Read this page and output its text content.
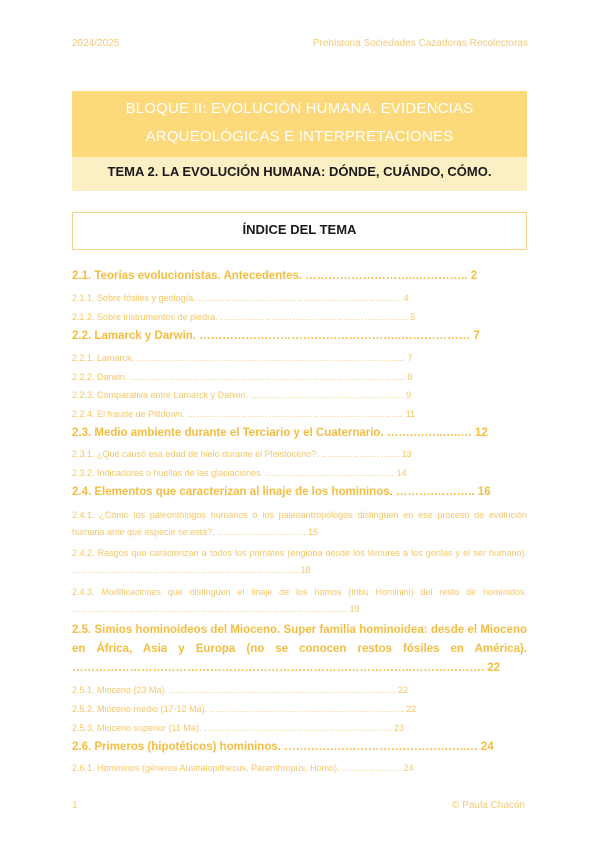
2024/2025	Prehistoria Sociedades Cazadoras Recolectoras
BLOQUE II: EVOLUCIÓN HUMANA. EVIDENCIAS
ARQUEOLÓGICAS E INTERPRETACIONES
TEMA 2. LA EVOLUCIÓN HUMANA: DÓNDE, CUÁNDO, CÓMO.
ÍNDICE DEL TEMA
2.1. Teorías evolucionistas. Antecedentes. ………………………..………….. 2
2.1.1. Sobre fósiles y geología. ………………………………………………………….. 4
2.1.2. Sobre instrumentos de piedra. ………………………………………………….….. 5
2.2. Lamarck y Darwin. ……………………………………………..……………… 7
2.2.1. Lamarck. ……………………………………………………………………………... 7
2.2.2. Darwin. ……………………………………………………………………………….. 8
2.2.3. Comparativa entre Lamarck y Darwin. …………………………………………… 9
2.2.4. El fraude de Piltdown. ……………………………………………………………… 11
2.3. Medio ambiente durante el Terciario y el Cuaternario. …….……..…..… 12
2.3.1. ¿Qué causó esa edad de hielo durante el Pleistoceno?. ……..…………….... 13
2.3.2. Indicadores o huellas de las glaciaciones. ………………………………….… 14
2.4. Elementos que caracterizan al linaje de los homininos. ……….……….. 16
2.4.1. ¿Cómo los paleontólogos humanos o los paleoantropólogos distinguen en ese proceso de evolución humana ante qué especie se está?. ………..………………. 15
2.4.2. Rasgos que caracterizan a todos los primates (engloba desde los lémures a los gorilas y el ser humano). …………………………………………………..…………….. 18
2.4.3. Modificaciones que distinguen el linaje de los homos (tribu Hominini) del resto de homínidos. ……………………………………………………………………………….. 19
2.5. Simios hominoideos del Mioceno. Super familia hominoidea: desde el Mioceno en África, Asia y Europa (no se conocen restos fósiles en América). ……………………………………………………………………………..………………. 22
2.5.1. Mioceno (23 Ma). …………………………………………………..…………….. 22
2.5.2. Mioceno medio (17-12 Ma). ……………………………………………………….. 22
2.5.3. Mioceno superior (11 Ma). …………………………………..…………………. 23
2.6. Primeros (hipotéticos) homininos. ………….……………………………..… 24
2.6.1. Homininos (géneros Australopithecus, Paranthropus, Homo). ……………….. 24
1	© Paula Chacón
